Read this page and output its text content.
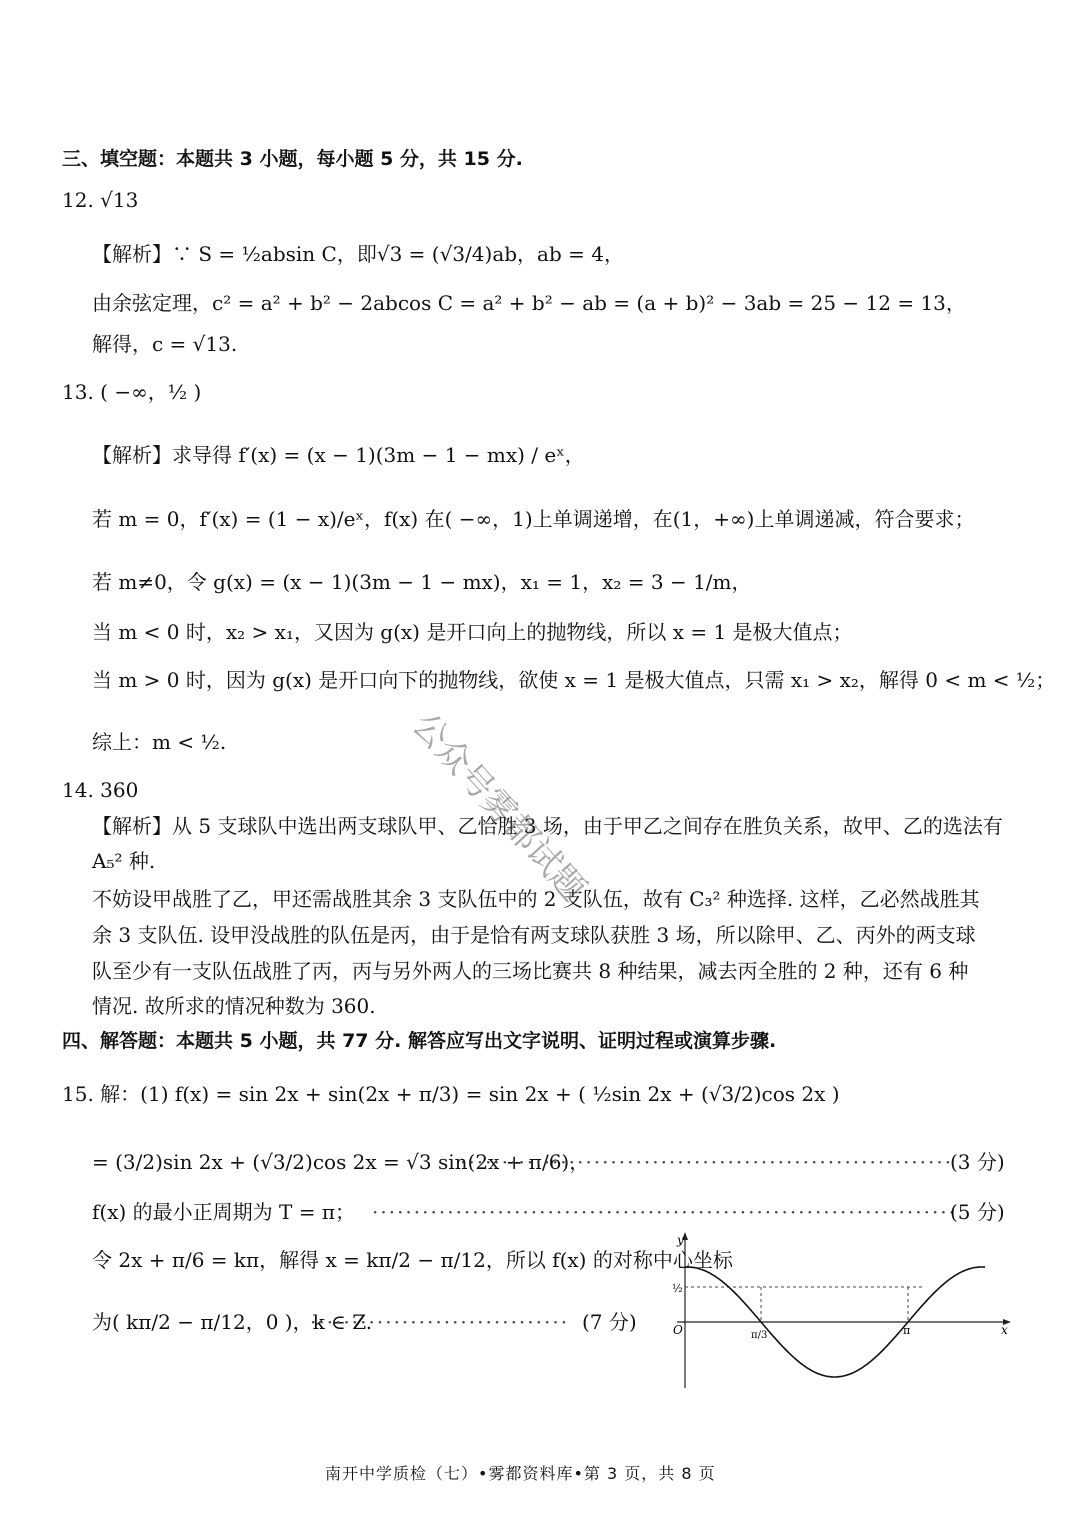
三、填空题：本题共 3 小题，每小题 5 分，共 15 分.
12. √13
【解析】∵ S = ½absin C，即√3 = (√3/4)ab，ab = 4，
由余弦定理，c² = a² + b² − 2abcos C = a² + b² − ab = (a + b)² − 3ab = 25 − 12 = 13，
解得，c = √13.
13. ( −∞，½ )
【解析】求导得 f′(x) = (x − 1)(3m − 1 − mx) / eˣ，
若 m = 0，f′(x) = (1 − x)/eˣ，f(x) 在( −∞，1)上单调递增，在(1，+∞)上单调递减，符合要求；
若 m≠0，令 g(x) = (x − 1)(3m − 1 − mx)，x₁ = 1，x₂ = 3 − 1/m，
当 m < 0 时，x₂ > x₁，又因为 g(x) 是开口向上的抛物线，所以 x = 1 是极大值点；
当 m > 0 时，因为 g(x) 是开口向下的抛物线，欲使 x = 1 是极大值点，只需 x₁ > x₂，解得 0 < m < ½；
综上：m < ½.
14. 360
【解析】从 5 支球队中选出两支球队甲、乙恰胜 3 场，由于甲乙之间存在胜负关系，故甲、乙的选法有
A₅² 种.
不妨设甲战胜了乙，甲还需战胜其余 3 支队伍中的 2 支队伍，故有 C₃² 种选择. 这样，乙必然战胜其
余 3 支队伍. 设甲没战胜的队伍是丙，由于是恰有两支球队获胜 3 场，所以除甲、乙、丙外的两支球
队至少有一支队伍战胜了丙，丙与另外两人的三场比赛共 8 种结果，减去丙全胜的 2 种，还有 6 种
情况. 故所求的情况种数为 360.
四、解答题：本题共 5 小题，共 77 分. 解答应写出文字说明、证明过程或演算步骤.
15. 解：(1) f(x) = sin 2x + sin(2x + π/3) = sin 2x + ( ½sin 2x + (√3/2)cos 2x )
= (3/2)sin 2x + (√3/2)cos 2x = √3 sin(2x + π/6)，
···························································
(3 分)
f(x) 的最小正周期为 T = π； ······································································
(5 分)
令 2x + π/6 = kπ，解得 x = kπ/2 − π/12，所以 f(x) 的对称中心坐标
为( kπ/2 − π/12，0 )，k ∈ Z.
······························· (7 分)
y
x
O
½
π/3	π
公众号雾都试题
南开中学质检（七）•雾都资料库•第 3 页，共 8 页
